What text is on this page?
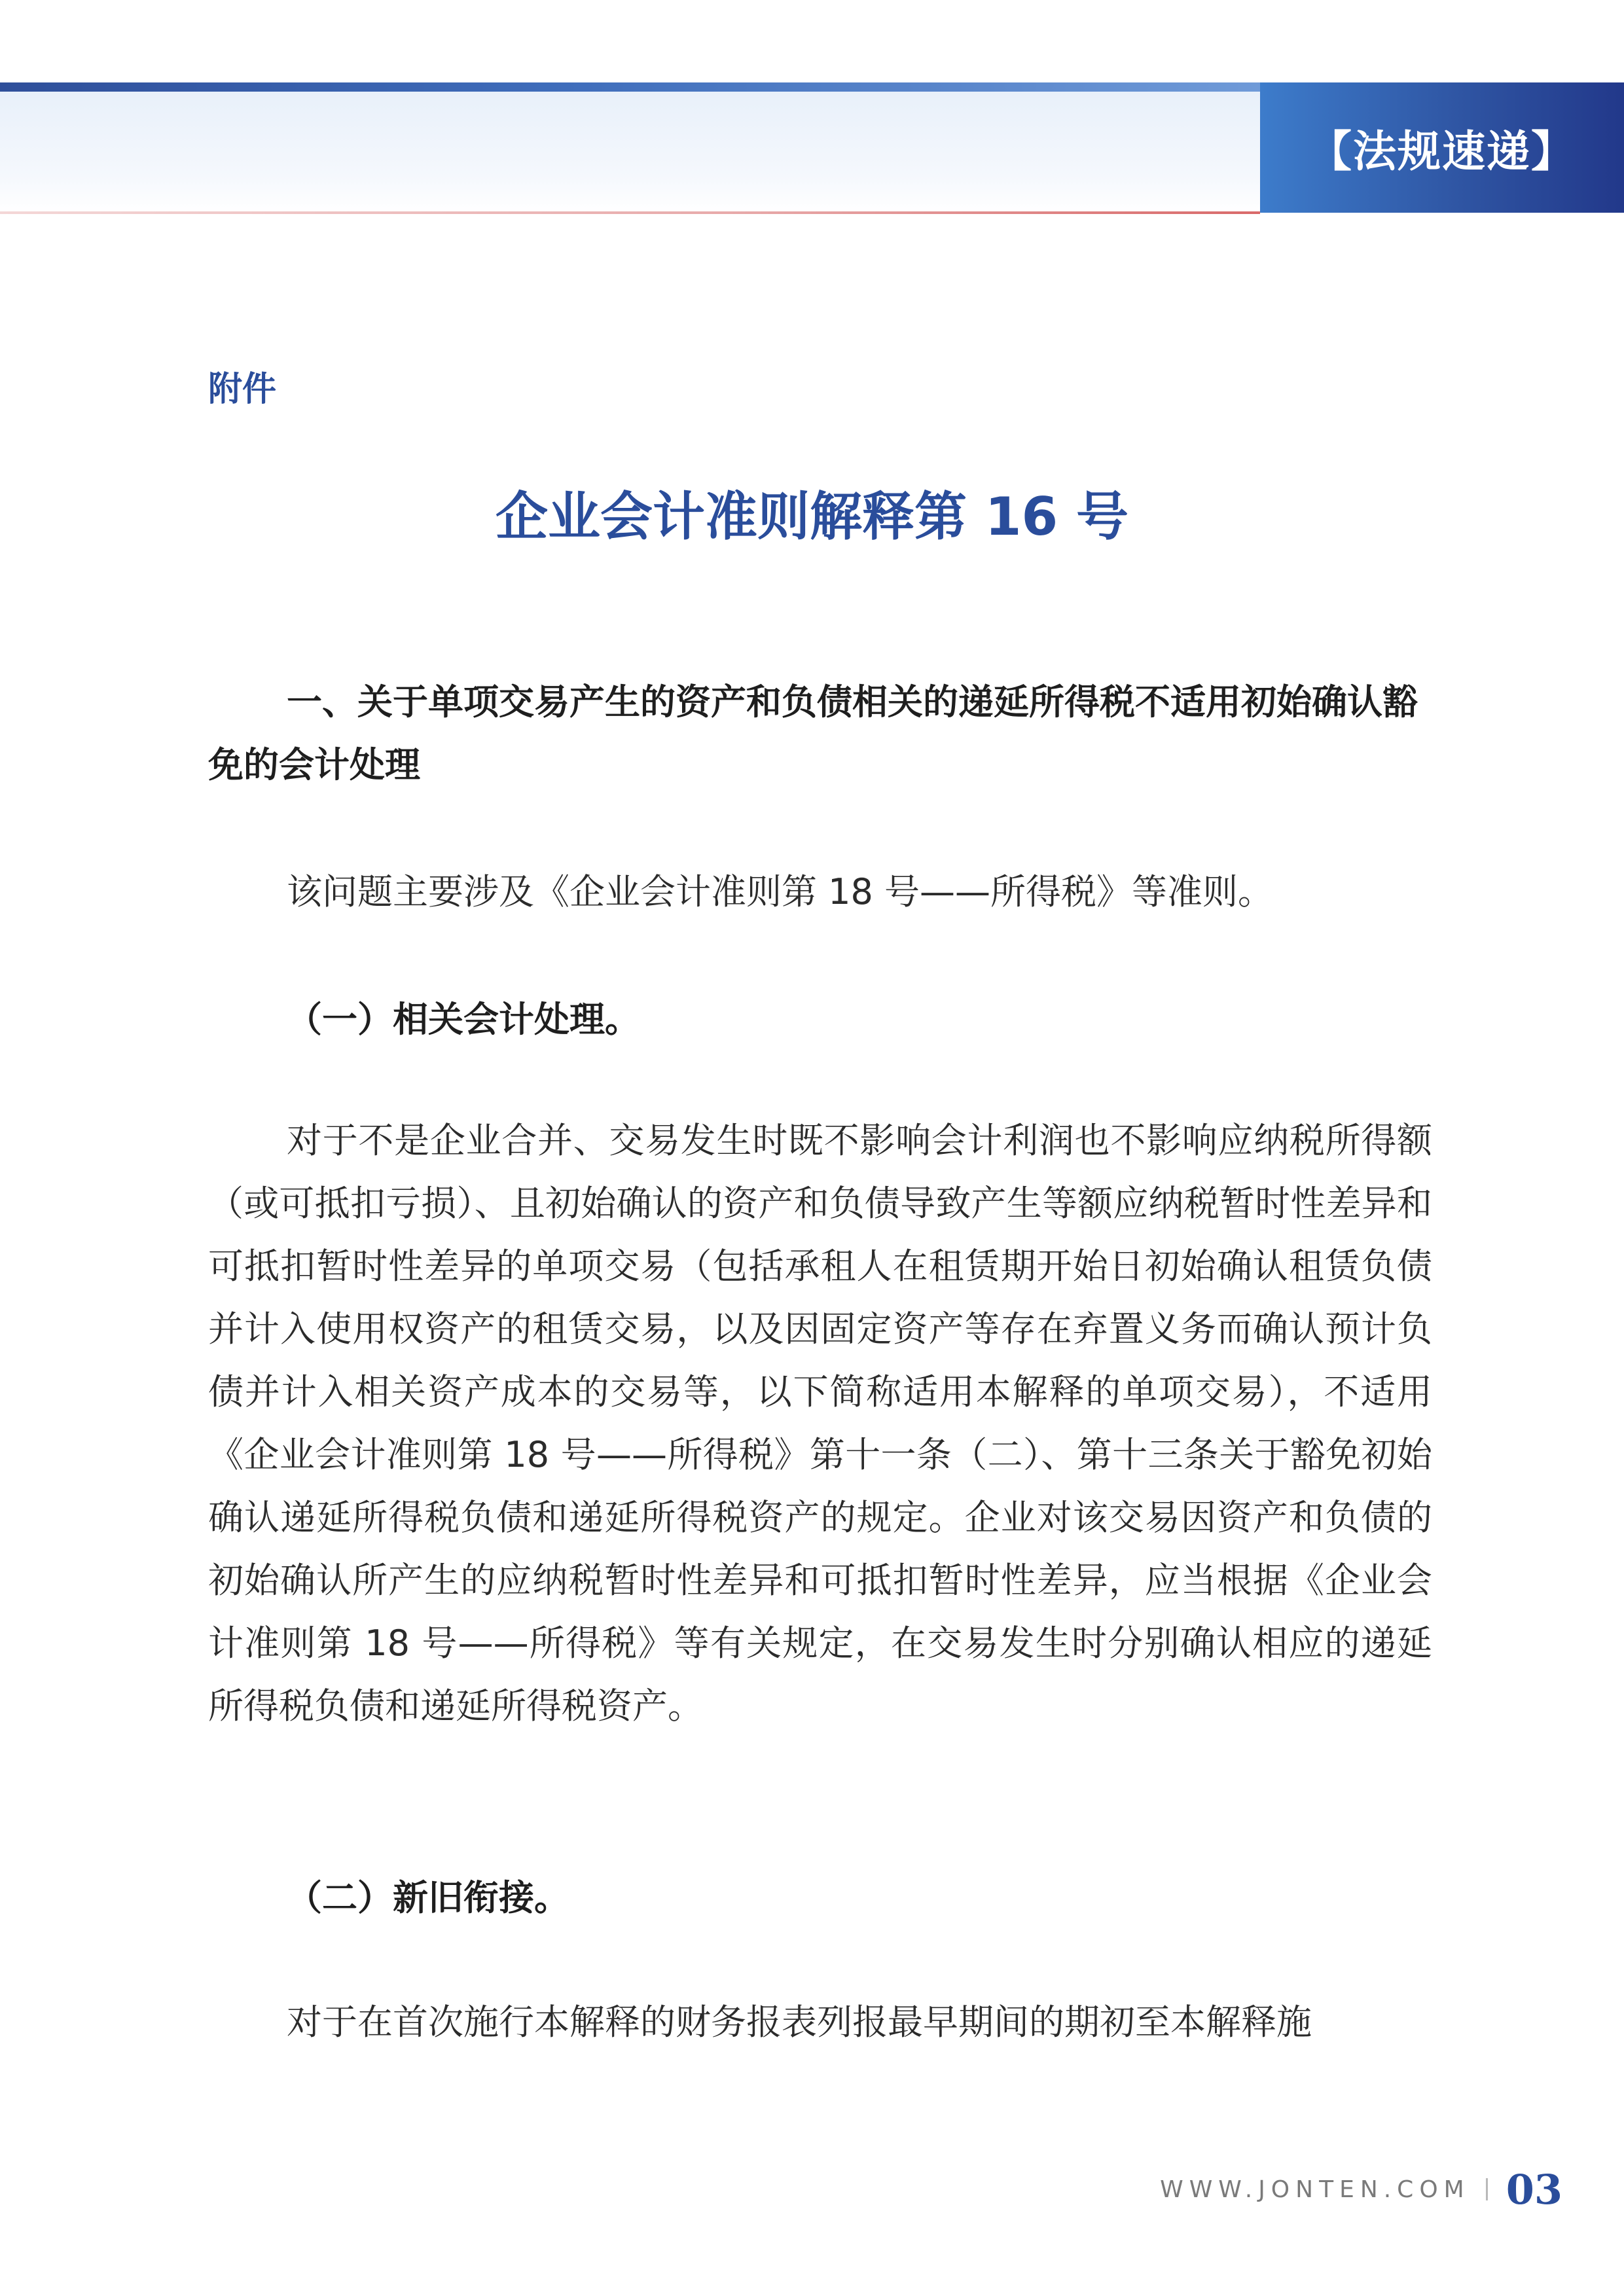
【法规速递】
附件
企业会计准则解释第 16 号

一、关于单项交易产生的资产和负债相关的递延所得税不适用初始确认豁免的会计处理

该问题主要涉及《企业会计准则第 18 号——所得税》等准则。

（一）相关会计处理。

对于不是企业合并、交易发生时既不影响会计利润也不影响应纳税所得额（或可抵扣亏损）、且初始确认的资产和负债导致产生等额应纳税暂时性差异和可抵扣暂时性差异的单项交易（包括承租人在租赁期开始日初始确认租赁负债并计入使用权资产的租赁交易，以及因固定资产等存在弃置义务而确认预计负债并计入相关资产成本的交易等，以下简称适用本解释的单项交易），不适用《企业会计准则第 18 号——所得税》第十一条（二）、第十三条关于豁免初始确认递延所得税负债和递延所得税资产的规定。企业对该交易因资产和负债的初始确认所产生的应纳税暂时性差异和可抵扣暂时性差异，应当根据《企业会计准则第 18 号——所得税》等有关规定，在交易发生时分别确认相应的递延所得税负债和递延所得税资产。

（二）新旧衔接。

对于在首次施行本解释的财务报表列报最早期间的期初至本解释施

WWW.JONTEN.COM 03
